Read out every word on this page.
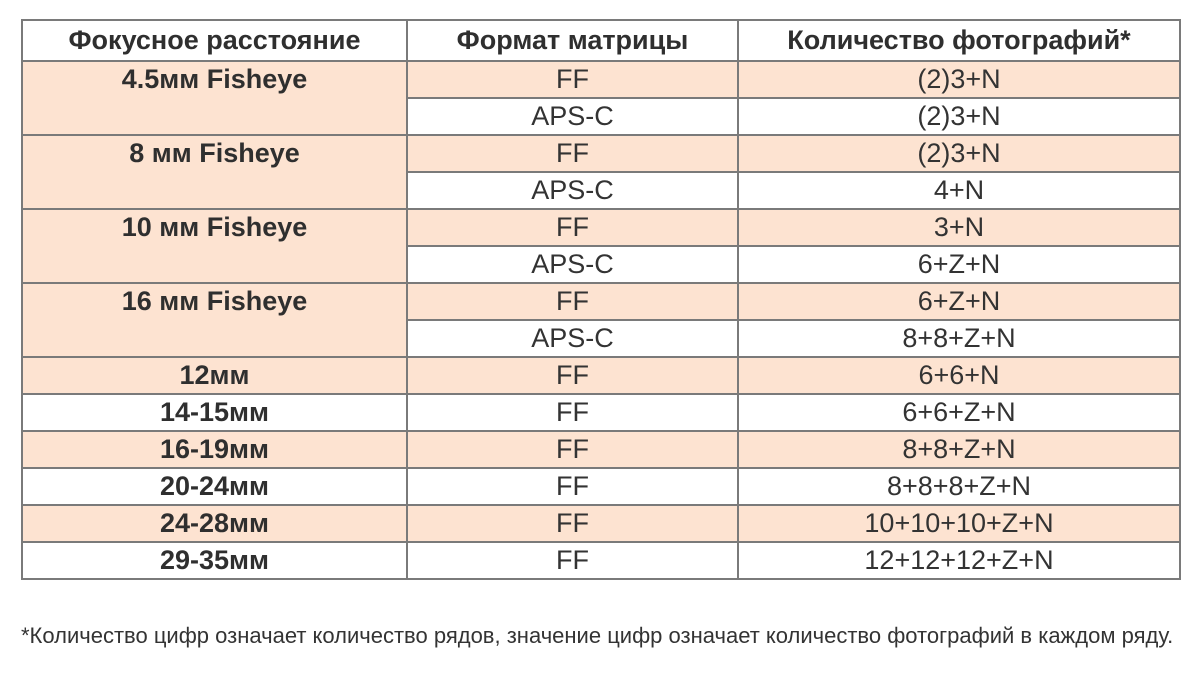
Фокусное расстояние	Формат матрицы	Количество фотографий*
4.5мм Fisheye	FF	(2)3+N
	APS-C	(2)3+N
8 мм Fisheye	FF	(2)3+N
	APS-C	4+N
10 мм Fisheye	FF	3+N
	APS-C	6+Z+N
16 мм Fisheye	FF	6+Z+N
	APS-C	8+8+Z+N
12мм	FF	6+6+N
14-15мм	FF	6+6+Z+N
16-19мм	FF	8+8+Z+N
20-24мм	FF	8+8+8+Z+N
24-28мм	FF	10+10+10+Z+N
29-35мм	FF	12+12+12+Z+N
*Количество цифр означает количество рядов, значение цифр означает количество фотографий в каждом ряду.
